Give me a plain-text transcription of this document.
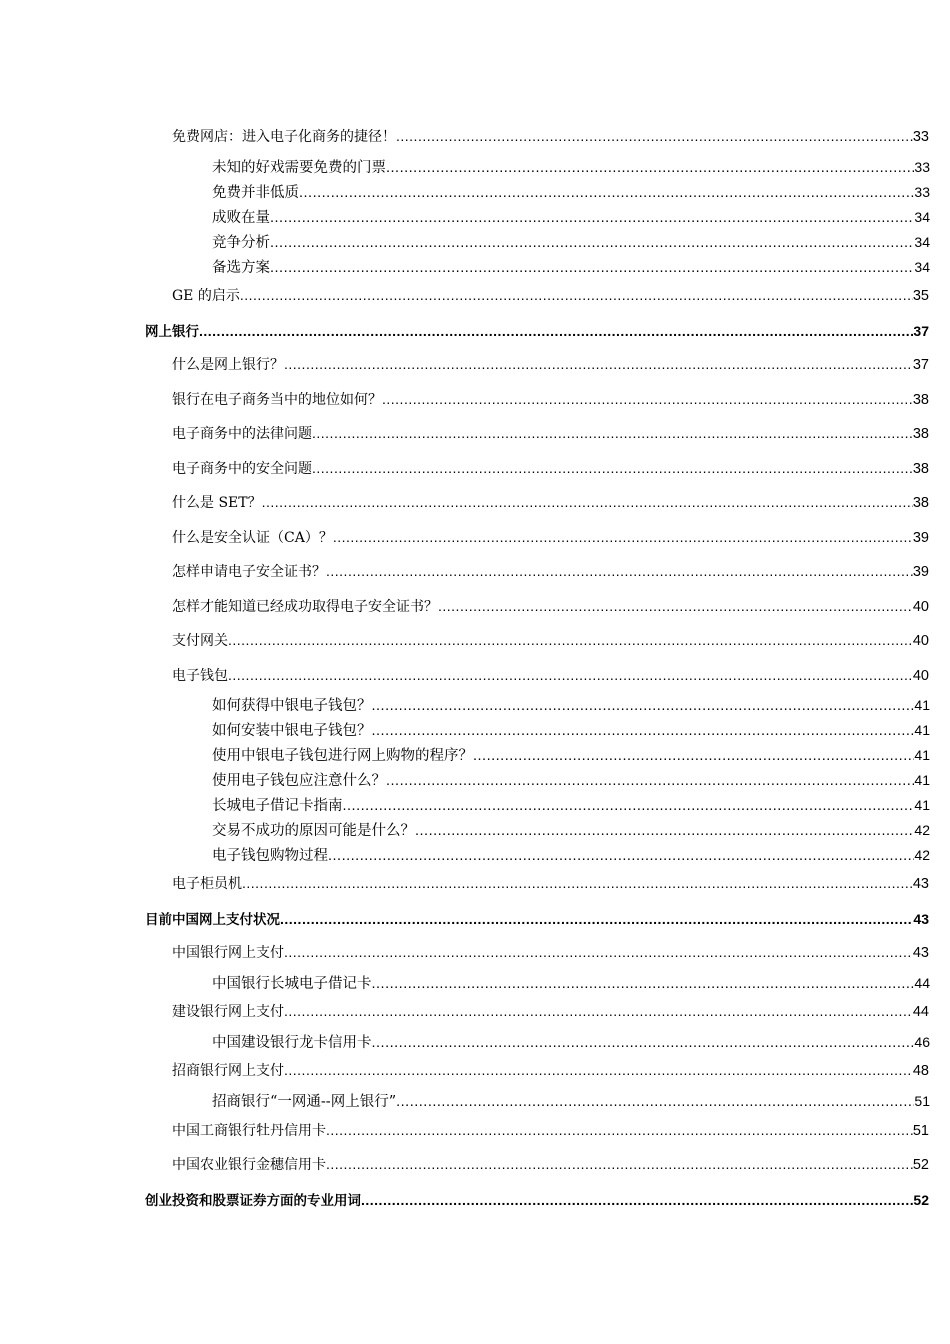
免费网店：进入电子化商务的捷径！ .....	33
未知的好戏需要免费的门票 .....	33
免费并非低质 .....	33
成败在量 .....	34
竞争分析 .....	34
备选方案 .....	34
GE 的启示 .....	35
网上银行 .....	37
什么是网上银行？ .....	37
银行在电子商务当中的地位如何？ .....	38
电子商务中的法律问题 .....	38
电子商务中的安全问题 .....	38
什么是 SET？ .....	38
什么是安全认证（CA）？ .....	39
怎样申请电子安全证书？ .....	39
怎样才能知道已经成功取得电子安全证书？ .....	40
支付网关 .....	40
电子钱包 .....	40
如何获得中银电子钱包？ .....	41
如何安装中银电子钱包？ .....	41
使用中银电子钱包进行网上购物的程序？ .....	41
使用电子钱包应注意什么？ .....	41
长城电子借记卡指南 .....	41
交易不成功的原因可能是什么？ .....	42
电子钱包购物过程 .....	42
电子柜员机 .....	43
目前中国网上支付状况 .....	43
中国银行网上支付 .....	43
中国银行长城电子借记卡 .....	44
建设银行网上支付 .....	44
中国建设银行龙卡信用卡 .....	46
招商银行网上支付 .....	48
招商银行“一网通--网上银行” .....	51
中国工商银行牡丹信用卡 .....	51
中国农业银行金穗信用卡 .....	52
创业投资和股票证券方面的专业用词 .....	52
